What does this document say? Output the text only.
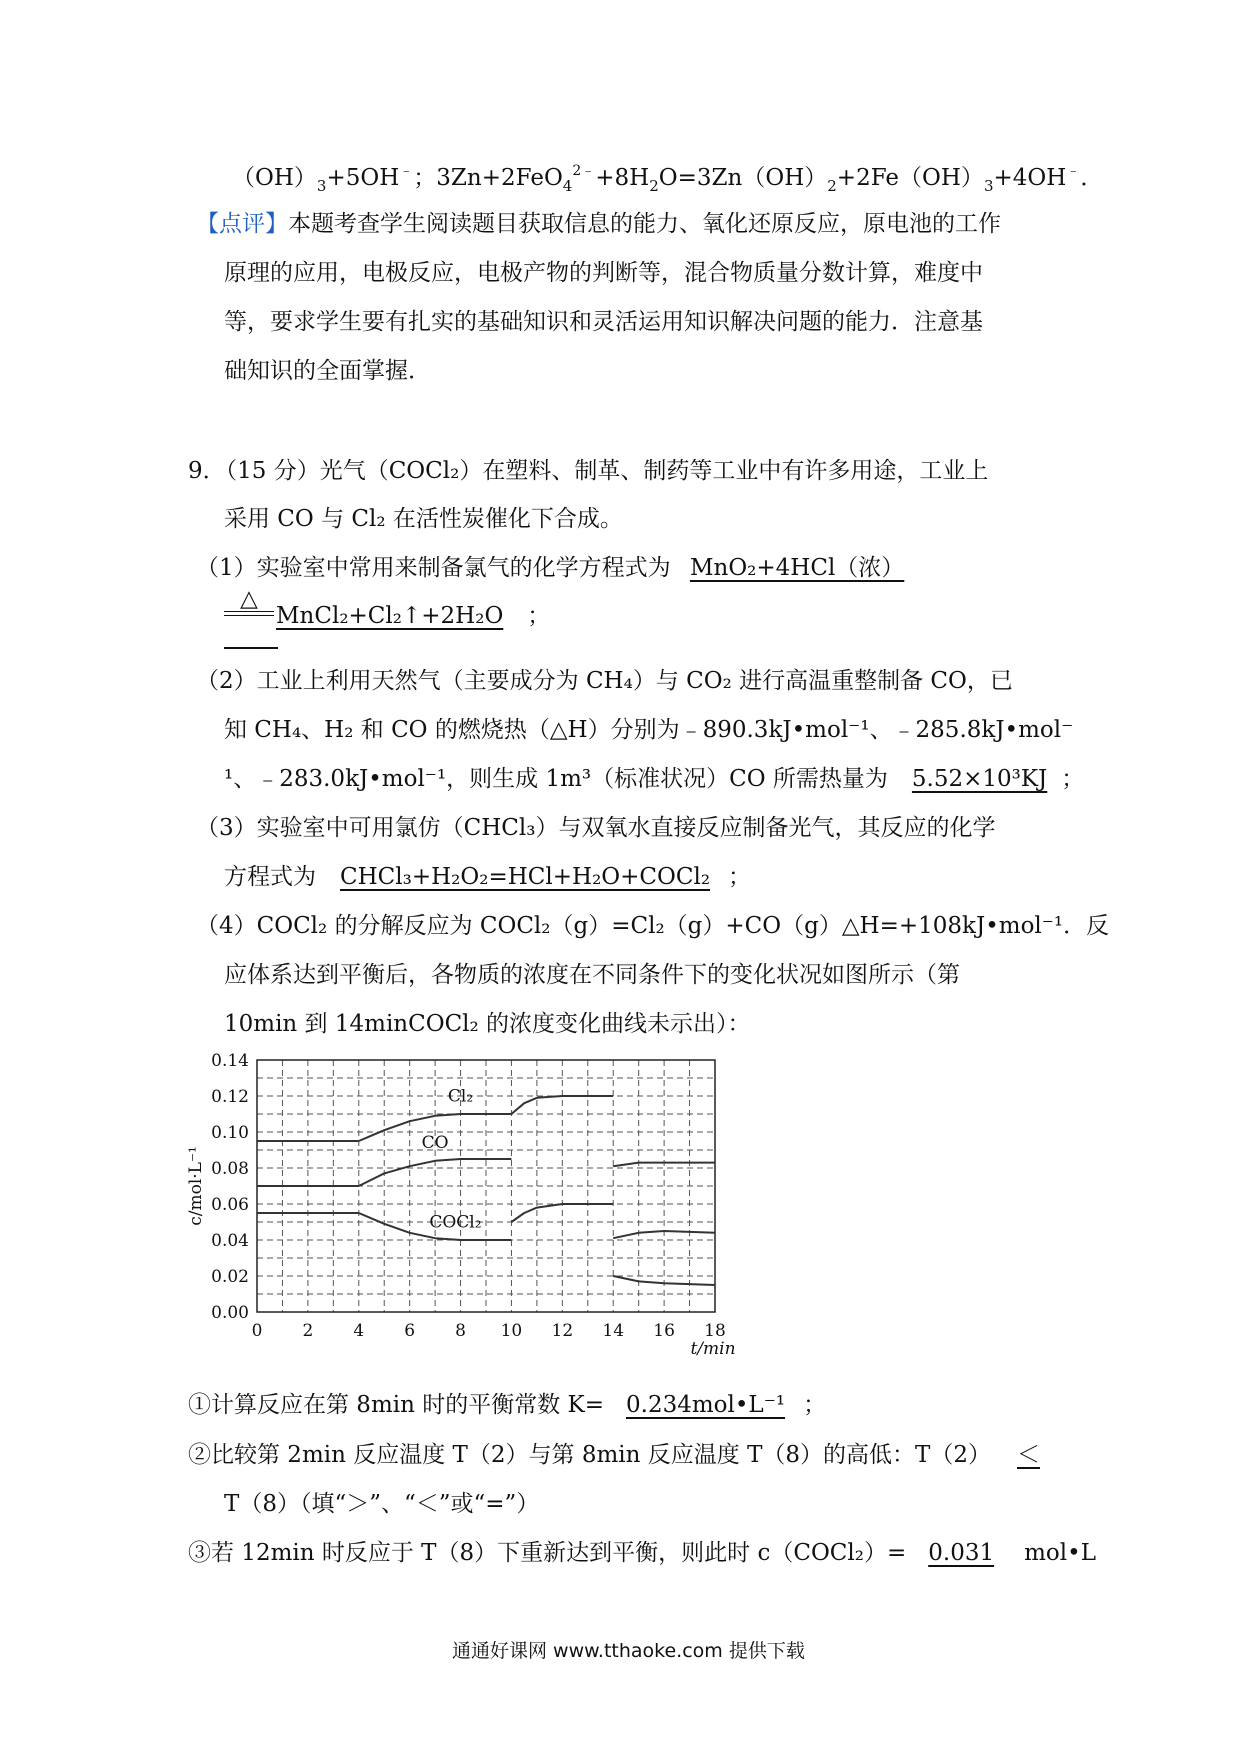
$(OH)_3+5OH^﹣$；$3Zn+2FeO_4^{2﹣}+8H_2O=3Zn(OH)_2+2Fe(OH)_3+4OH^﹣$．
【点评】本题考查学生阅读题目获取信息的能力、氧化还原反应，原电池的工作
原理的应用，电极反应，电极产物的判断等，混合物质量分数计算，难度中
等，要求学生要有扎实的基础知识和灵活运用知识解决问题的能力．注意基
础知识的全面掌握．
9．（15 分）光气（COCl₂）在塑料、制革、制药等工业中有许多用途，工业上
采用 CO 与 Cl₂ 在活性炭催化下合成。
（1）实验室中常用来制备氯气的化学方程式为 MnO₂+4HCl（浓）
△
MnCl₂+Cl₂↑+2H₂O ；
（2）工业上利用天然气（主要成分为 CH₄）与 CO₂ 进行高温重整制备 CO，已
知 CH₄、H₂ 和 CO 的燃烧热（△H）分别为﹣890.3kJ•mol⁻¹、﹣285.8kJ•mol⁻
¹、﹣283.0kJ•mol⁻¹，则生成 1m³（标准状况）CO 所需热量为 5.52×10³KJ ；
（3）实验室中可用氯仿（CHCl₃）与双氧水直接反应制备光气，其反应的化学
方程式为 CHCl₃+H₂O₂=HCl+H₂O+COCl₂ ；
（4）COCl₂ 的分解反应为 COCl₂（g）=Cl₂（g）+CO（g）△H=+108kJ•mol⁻¹．反
应体系达到平衡后，各物质的浓度在不同条件下的变化状况如图所示（第
10min 到 14minCOCl₂ 的浓度变化曲线未示出）：
0 2 4 6 8 10 12 14 16 18
0.00
0.02
0.04
0.06
0.08
0.10
0.12
0.14
t/min
c/mol·L⁻¹
Cl₂
CO
COCl₂
①计算反应在第 8min 时的平衡常数 K= 0.234mol•L⁻¹ ；
②比较第 2min 反应温度 T（2）与第 8min 反应温度 T（8）的高低：T（2） ＜
T（8）（填“＞”、“＜”或“=”）
③若 12min 时反应于 T（8）下重新达到平衡，则此时 c（COCl₂）= 0.031 mol•L
通通好课网 www.tthaoke.com 提供下载
